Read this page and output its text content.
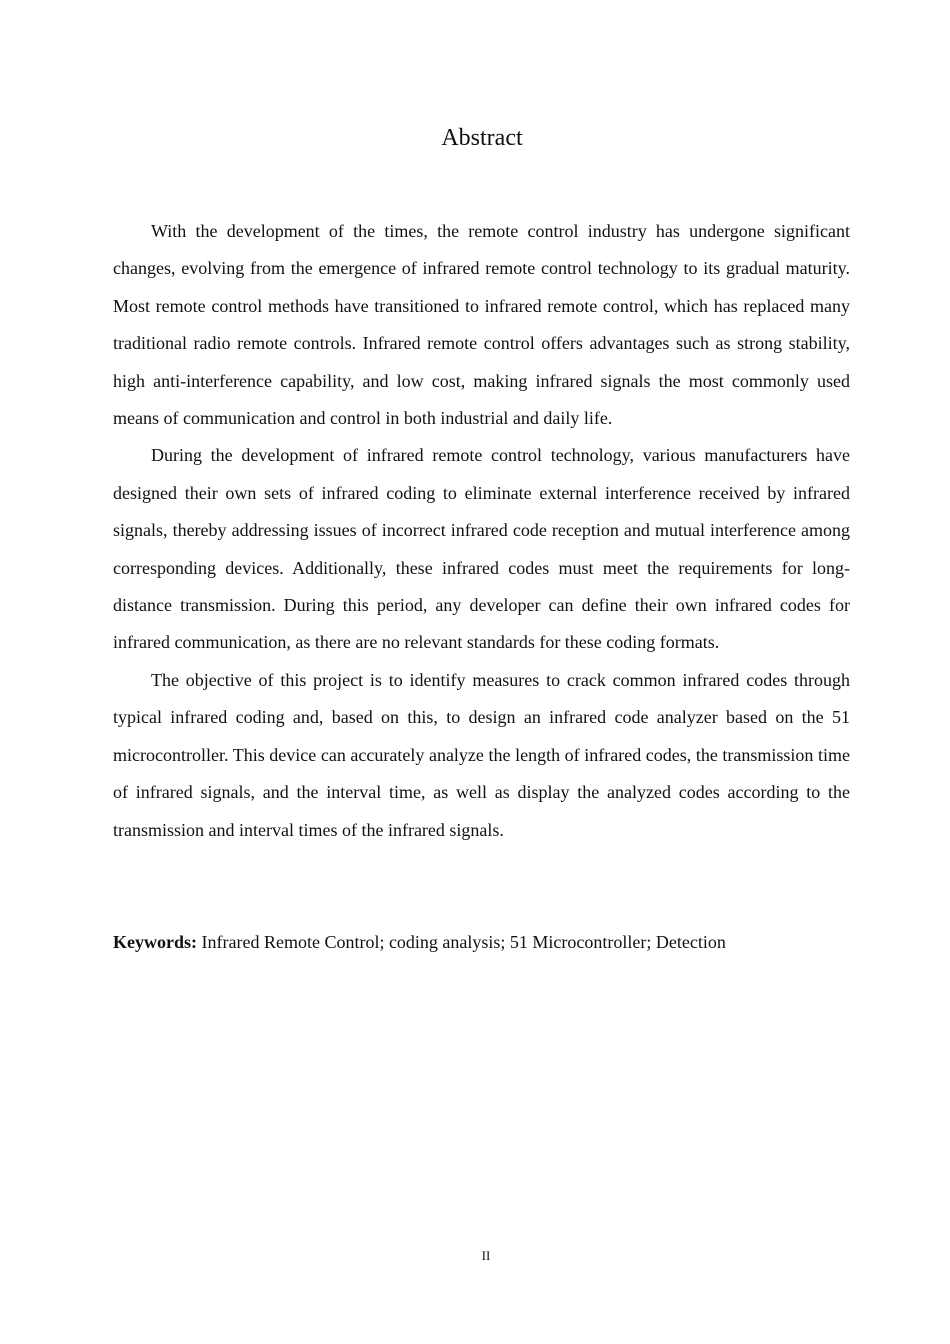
Abstract

With the development of the times, the remote control industry has undergone significant changes, evolving from the emergence of infrared remote control technology to its gradual maturity. Most remote control methods have transitioned to infrared remote control, which has replaced many traditional radio remote controls. Infrared remote control offers advantages such as strong stability, high anti-interference capability, and low cost, making infrared signals the most commonly used means of communication and control in both industrial and daily life.

During the development of infrared remote control technology, various manufacturers have designed their own sets of infrared coding to eliminate external interference received by infrared signals, thereby addressing issues of incorrect infrared code reception and mutual interference among corresponding devices. Additionally, these infrared codes must meet the requirements for long-distance transmission. During this period, any developer can define their own infrared codes for infrared communication, as there are no relevant standards for these coding formats.

The objective of this project is to identify measures to crack common infrared codes through typical infrared coding and, based on this, to design an infrared code analyzer based on the 51 microcontroller. This device can accurately analyze the length of infrared codes, the transmission time of infrared signals, and the interval time, as well as display the analyzed codes according to the transmission and interval times of the infrared signals.

Keywords: Infrared Remote Control; coding analysis; 51 Microcontroller; Detection

II
